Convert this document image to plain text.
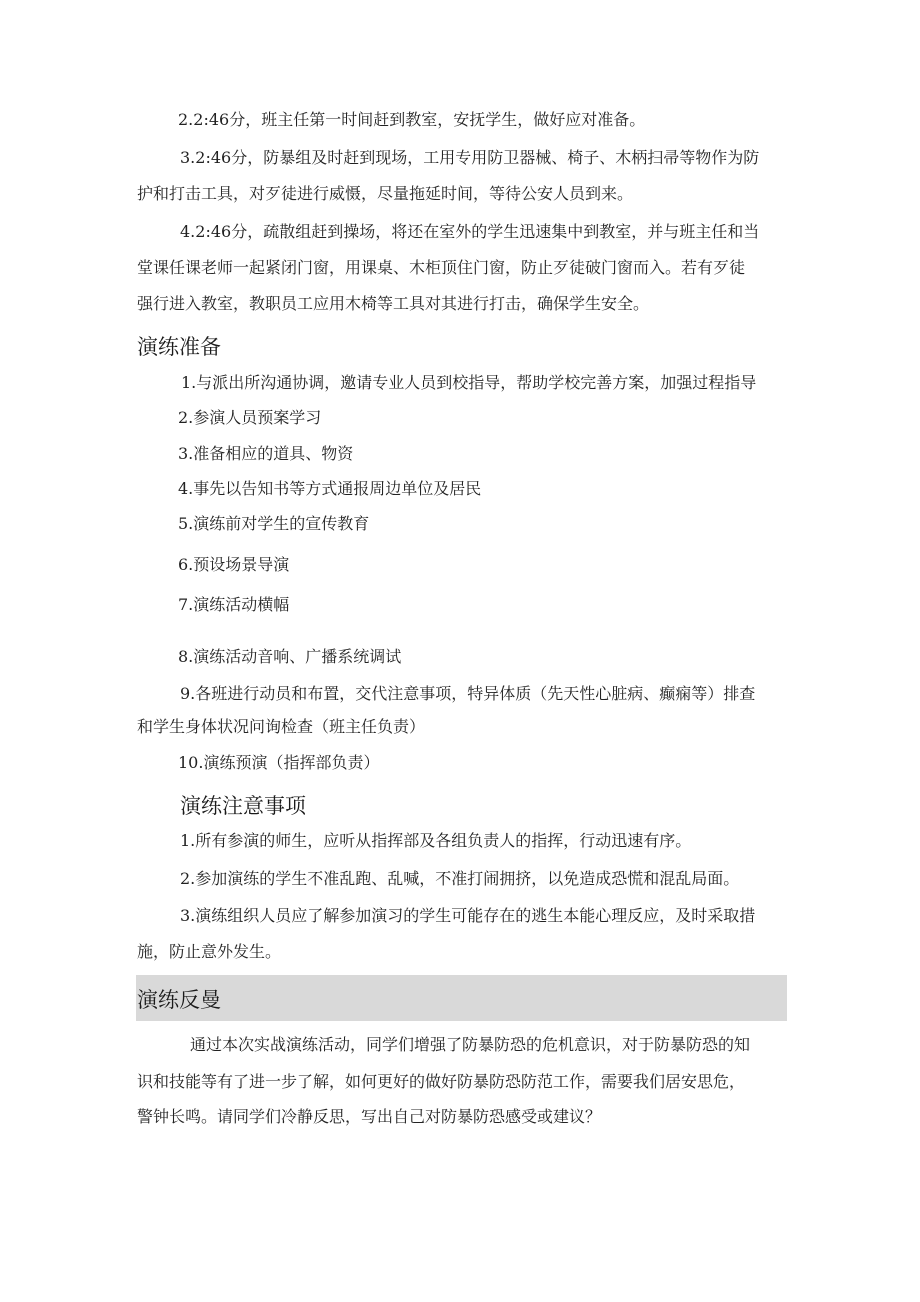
2.2:46分，班主任第一时间赶到教室，安抚学生，做好应对准备。
3.2:46分，防暴组及时赶到现场，工用专用防卫器械、椅子、木柄扫帚等物作为防
护和打击工具，对歹徒进行威慑，尽量拖延时间，等待公安人员到来。
4.2:46分，疏散组赶到操场，将还在室外的学生迅速集中到教室，并与班主任和当
堂课任课老师一起紧闭门窗，用课桌、木柜顶住门窗，防止歹徒破门窗而入。若有歹徒
强行进入教室，教职员工应用木椅等工具对其进行打击，确保学生安全。
演练准备
1.与派出所沟通协调，邀请专业人员到校指导，帮助学校完善方案，加强过程指导
2.参演人员预案学习
3.准备相应的道具、物资
4.事先以告知书等方式通报周边单位及居民
5.演练前对学生的宣传教育
6.预设场景导演
7.演练活动横幅
8.演练活动音响、广播系统调试
9.各班进行动员和布置，交代注意事项，特异体质（先天性心脏病、癫痫等）排查
和学生身体状况问询检查（班主任负责）
10.演练预演（指挥部负责）
演练注意事项
1.所有参演的师生，应听从指挥部及各组负责人的指挥，行动迅速有序。
2.参加演练的学生不准乱跑、乱喊，不准打闹拥挤，以免造成恐慌和混乱局面。
3.演练组织人员应了解参加演习的学生可能存在的逃生本能心理反应，及时采取措
施，防止意外发生。
演练反曼
通过本次实战演练活动，同学们增强了防暴防恐的危机意识，对于防暴防恐的知
识和技能等有了进一步了解，如何更好的做好防暴防恐防范工作，需要我们居安思危，
警钟长鸣。请同学们冷静反思，写出自己对防暴防恐感受或建议？
